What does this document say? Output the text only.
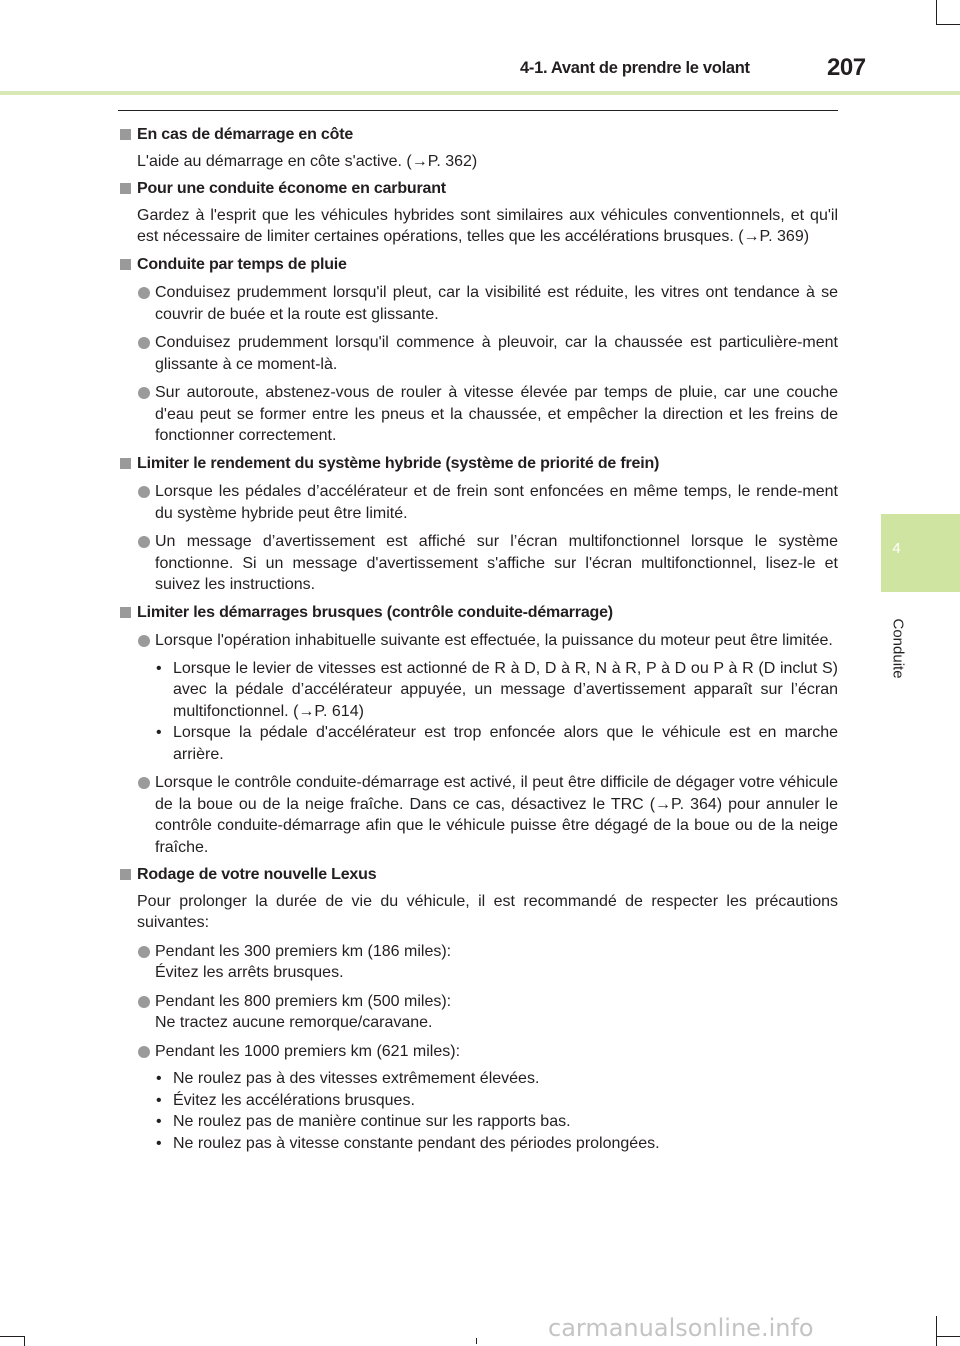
4-1. Avant de prendre le volant	207
4
Conduite
En cas de démarrage en côte
L'aide au démarrage en côte s'active. (→P. 362)
Pour une conduite économe en carburant
Gardez à l'esprit que les véhicules hybrides sont similaires aux véhicules conventionnels, et qu'il est nécessaire de limiter certaines opérations, telles que les accélérations brusques. (→P. 369)
Conduite par temps de pluie
Conduisez prudemment lorsqu'il pleut, car la visibilité est réduite, les vitres ont tendance à se couvrir de buée et la route est glissante.
Conduisez prudemment lorsqu'il commence à pleuvoir, car la chaussée est particulière-ment glissante à ce moment-là.
Sur autoroute, abstenez-vous de rouler à vitesse élevée par temps de pluie, car une couche d'eau peut se former entre les pneus et la chaussée, et empêcher la direction et les freins de fonctionner correctement.
Limiter le rendement du système hybride (système de priorité de frein)
Lorsque les pédales d’accélérateur et de frein sont enfoncées en même temps, le rende-ment du système hybride peut être limité.
Un message d’avertissement est affiché sur l’écran multifonctionnel lorsque le système fonctionne. Si un message d'avertissement s'affiche sur l'écran multifonctionnel, lisez-le et suivez les instructions.
Limiter les démarrages brusques (contrôle conduite-démarrage)
Lorsque l'opération inhabituelle suivante est effectuée, la puissance du moteur peut être limitée.
• Lorsque le levier de vitesses est actionné de R à D, D à R, N à R, P à D ou P à R (D inclut S) avec la pédale d’accélérateur appuyée, un message d’avertissement apparaît sur l’écran multifonctionnel. (→P. 614)
• Lorsque la pédale d'accélérateur est trop enfoncée alors que le véhicule est en marche arrière.
Lorsque le contrôle conduite-démarrage est activé, il peut être difficile de dégager votre véhicule de la boue ou de la neige fraîche. Dans ce cas, désactivez le TRC (→P. 364) pour annuler le contrôle conduite-démarrage afin que le véhicule puisse être dégagé de la boue ou de la neige fraîche.
Rodage de votre nouvelle Lexus
Pour prolonger la durée de vie du véhicule, il est recommandé de respecter les précautions suivantes:
Pendant les 300 premiers km (186 miles):
Évitez les arrêts brusques.
Pendant les 800 premiers km (500 miles):
Ne tractez aucune remorque/caravane.
Pendant les 1000 premiers km (621 miles):
• Ne roulez pas à des vitesses extrêmement élevées.
• Évitez les accélérations brusques.
• Ne roulez pas de manière continue sur les rapports bas.
• Ne roulez pas à vitesse constante pendant des périodes prolongées.
carmanualsonline.info
